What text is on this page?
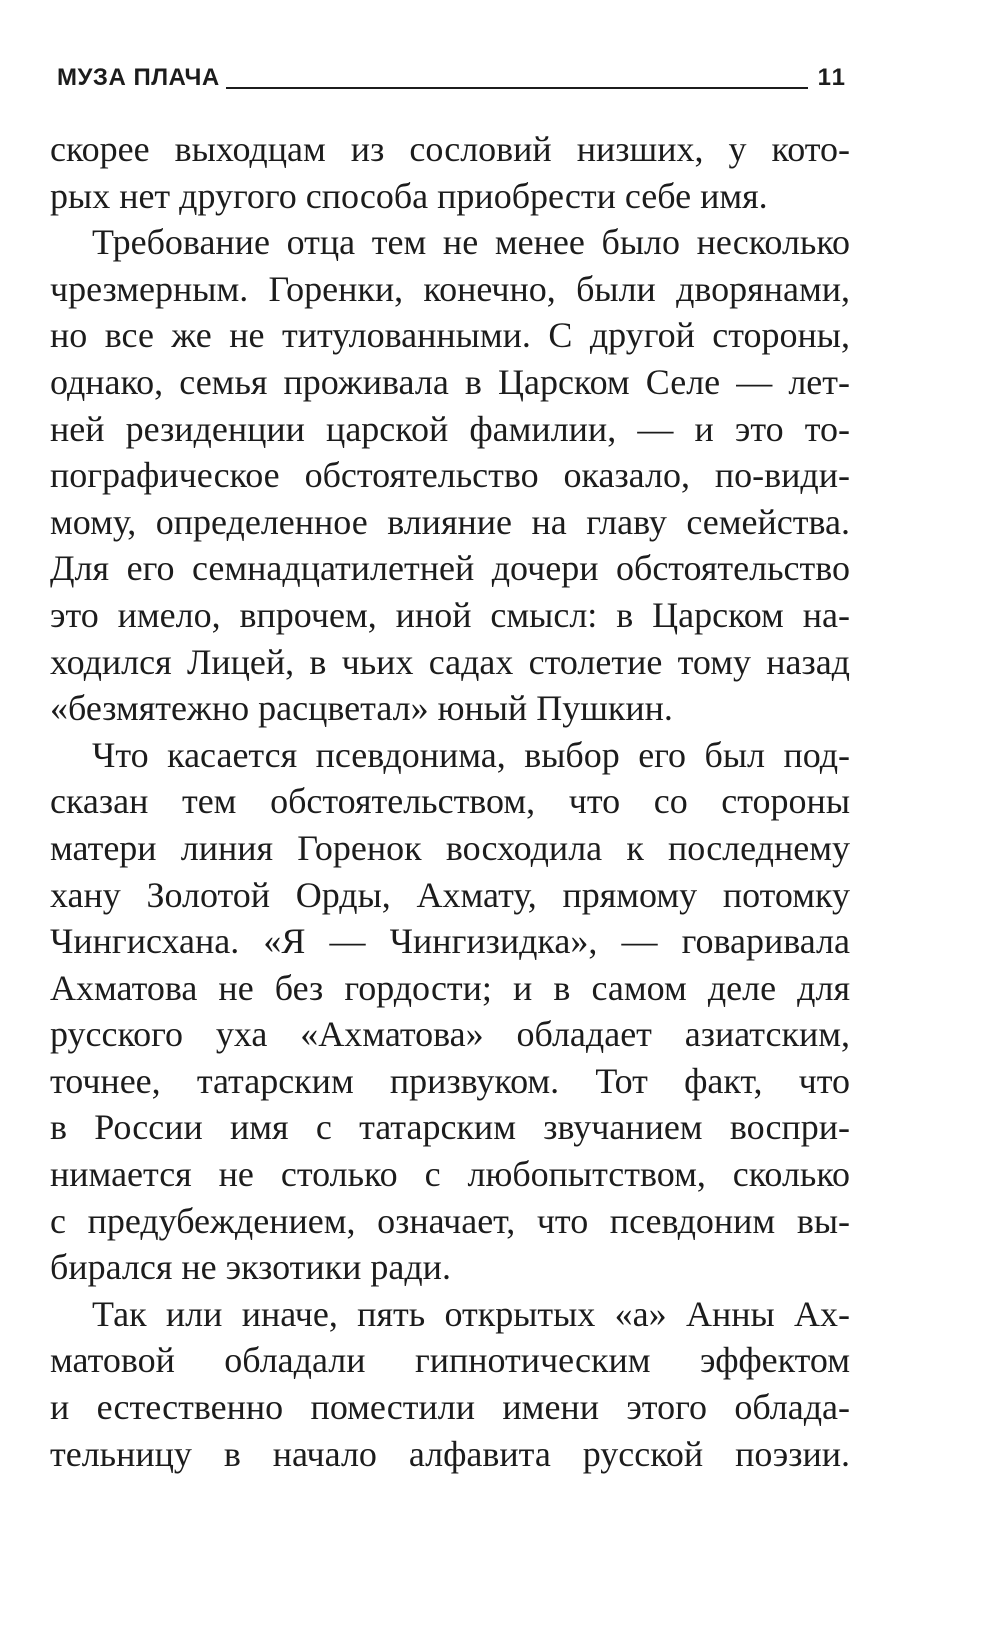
МУЗА ПЛАЧА	11
скорее выходцам из сословий низших, у кото-
рых нет другого способа приобрести себе имя.
Требование отца тем не менее было несколько
чрезмерным. Горенки, конечно, были дворянами,
но все же не титулованными. С другой стороны,
однако, семья проживала в Царском Селе — лет-
ней резиденции царской фамилии, — и это то-
пографическое обстоятельство оказало, по-види-
мому, определенное влияние на главу семейства.
Для его семнадцатилетней дочери обстоятельство
это имело, впрочем, иной смысл: в Царском на-
ходился Лицей, в чьих садах столетие тому назад
«безмятежно расцветал» юный Пушкин.
Что касается псевдонима, выбор его был под-
сказан тем обстоятельством, что со стороны
матери линия Горенок восходила к последнему
хану Золотой Орды, Ахмату, прямому потомку
Чингисхана. «Я — Чингизидка», — говаривала
Ахматова не без гордости; и в самом деле для
русского уха «Ахматова» обладает азиатским,
точнее, татарским призвуком. Тот факт, что
в России имя с татарским звучанием воспри-
нимается не столько с любопытством, сколько
с предубеждением, означает, что псевдоним вы-
бирался не экзотики ради.
Так или иначе, пять открытых «а» Анны Ах-
матовой обладали гипнотическим эффектом
и естественно поместили имени этого облада-
тельницу в начало алфавита русской поэзии.
